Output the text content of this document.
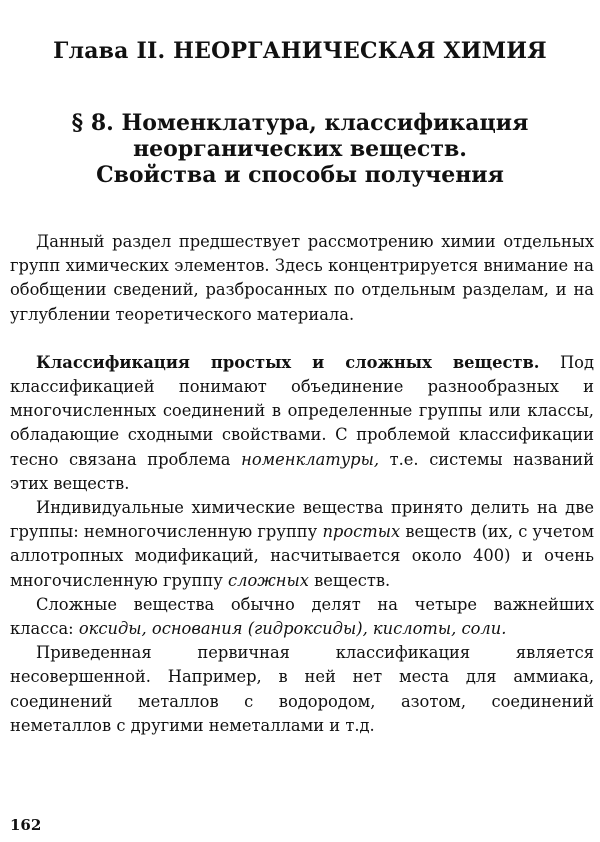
Глава II. НЕОРГАНИЧЕСКАЯ ХИМИЯ
§ 8. Номенклатура, классификация
неорганических веществ.
Свойства и способы получения

Данный раздел предшествует рассмотрению химии отдельных групп химических элементов. Здесь концентрируется внимание на обобщении сведений, разбросанных по отдельным разделам, и на углублении теоретического материала.

Классификация простых и сложных веществ. Под классификацией понимают объединение разнообразных и многочисленных соединений в определенные группы или классы, обладающие сходными свойствами. С проблемой классификации тесно связана проблема номенклатуры, т.е. системы названий этих веществ.

Индивидуальные химические вещества принято делить на две группы: немногочисленную группу простых веществ (их, с учетом аллотропных модификаций, насчитывается около 400) и очень многочисленную группу сложных веществ.

Сложные вещества обычно делят на четыре важнейших класса: оксиды, основания (гидроксиды), кислоты, соли.

Приведенная первичная классификация является несовершенной. Например, в ней нет места для аммиака, соединений металлов с водородом, азотом, соединений неметаллов с другими неметаллами и т.д.

162
